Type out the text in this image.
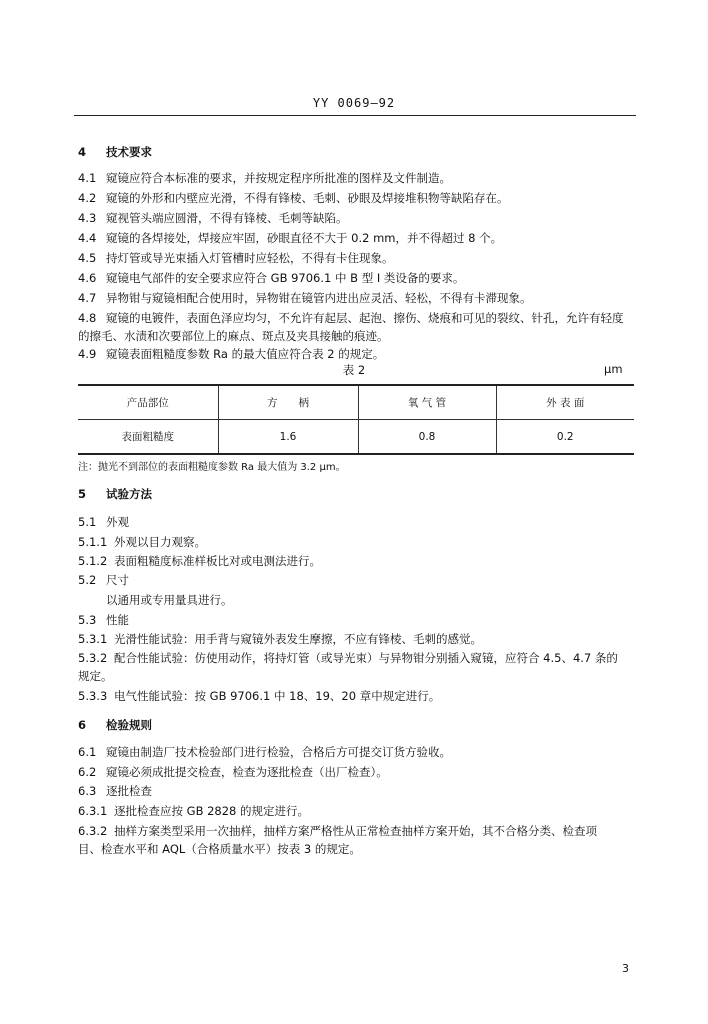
YY 0069—92
4 技术要求
4.1 窥镜应符合本标准的要求，并按规定程序所批准的图样及文件制造。
4.2 窥镜的外形和内壁应光滑，不得有锋棱、毛刺、砂眼及焊接堆积物等缺陷存在。
4.3 窥视管头端应圆滑，不得有锋棱、毛刺等缺陷。
4.4 窥镜的各焊接处，焊接应牢固，砂眼直径不大于 0.2 mm，并不得超过 8 个。
4.5 持灯管或导光束插入灯管槽时应轻松，不得有卡住现象。
4.6 窥镜电气部件的安全要求应符合 GB 9706.1 中 B 型 I 类设备的要求。
4.7 异物钳与窥镜相配合使用时，异物钳在镜管内进出应灵活、轻松，不得有卡滞现象。
4.8 窥镜的电镀件，表面色泽应均匀，不允许有起层、起泡、擦伤、烧痕和可见的裂纹、针孔，允许有轻度
的擦毛、水渍和次要部位上的麻点、斑点及夹具接触的痕迹。
4.9 窥镜表面粗糙度参数 Ra 的最大值应符合表 2 的规定。
表 2	μm
产品部位	方　　柄	氧 气 管	外 表 面
表面粗糙度	1.6	0.8	0.2
注：抛光不到部位的表面粗糙度参数 Ra 最大值为 3.2 μm。
5 试验方法
5.1 外观
5.1.1 外观以目力观察。
5.1.2 表面粗糙度标准样板比对或电测法进行。
5.2 尺寸
以通用或专用量具进行。
5.3 性能
5.3.1 光滑性能试验：用手背与窥镜外表发生摩擦，不应有锋棱、毛刺的感觉。
5.3.2 配合性能试验：仿使用动作，将持灯管（或导光束）与异物钳分别插入窥镜，应符合 4.5、4.7 条的
规定。
5.3.3 电气性能试验：按 GB 9706.1 中 18、19、20 章中规定进行。
6 检验规则
6.1 窥镜由制造厂技术检验部门进行检验，合格后方可提交订货方验收。
6.2 窥镜必须成批提交检查，检查为逐批检查（出厂检查）。
6.3 逐批检查
6.3.1 逐批检查应按 GB 2828 的规定进行。
6.3.2 抽样方案类型采用一次抽样，抽样方案严格性从正常检查抽样方案开始，其不合格分类、检查项
目、检查水平和 AQL（合格质量水平）按表 3 的规定。
3
